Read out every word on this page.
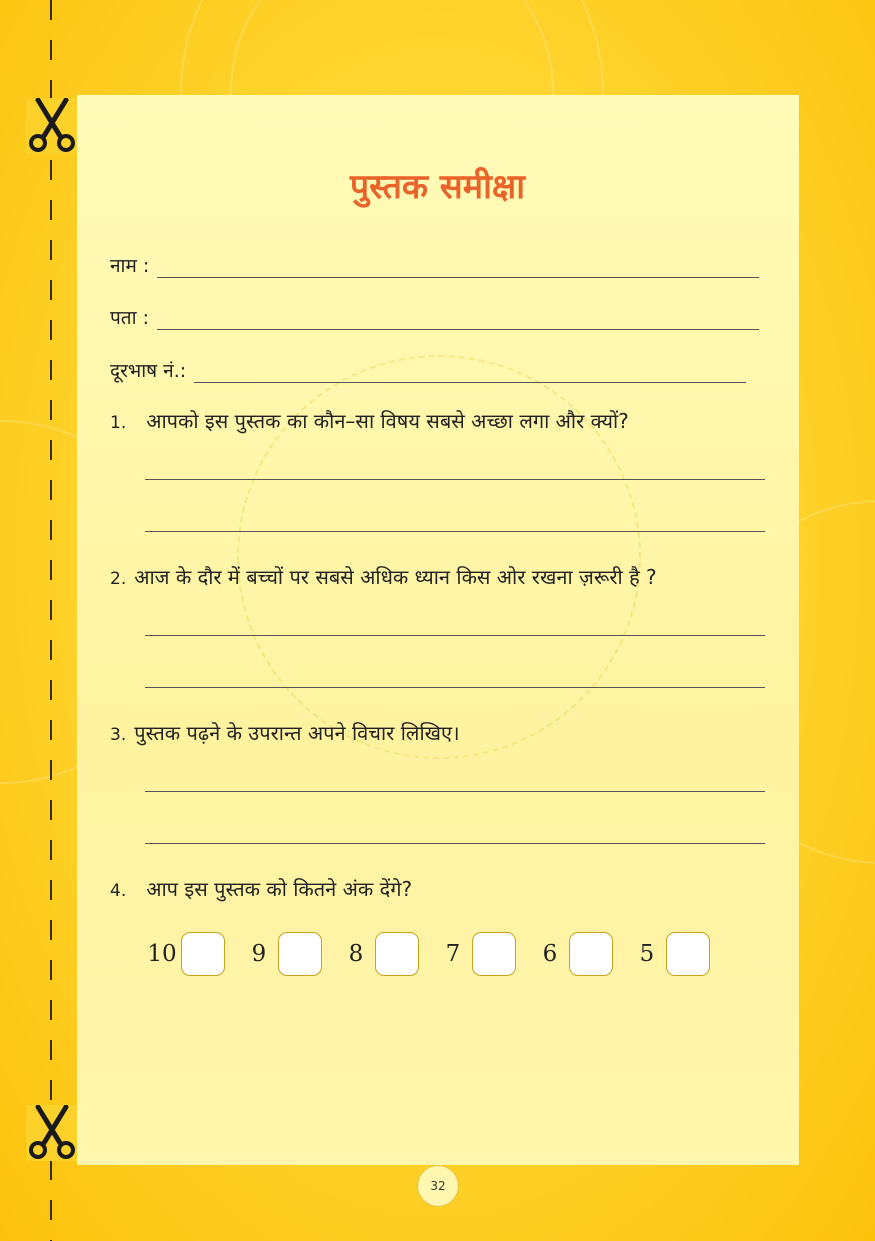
पुस्तक समीक्षा
नाम :
पता :
दूरभाष नं.:
1. आपको इस पुस्तक का कौन–सा विषय सबसे अच्छा लगा और क्यों?
2. आज के दौर में बच्चों पर सबसे अधिक ध्यान किस ओर रखना ज़रूरी है ?
3. पुस्तक पढ़ने के उपरान्त अपने विचार लिखिए।
4. आप इस पुस्तक को कितने अंक देंगे?
10	9	8	7	6	5
32
